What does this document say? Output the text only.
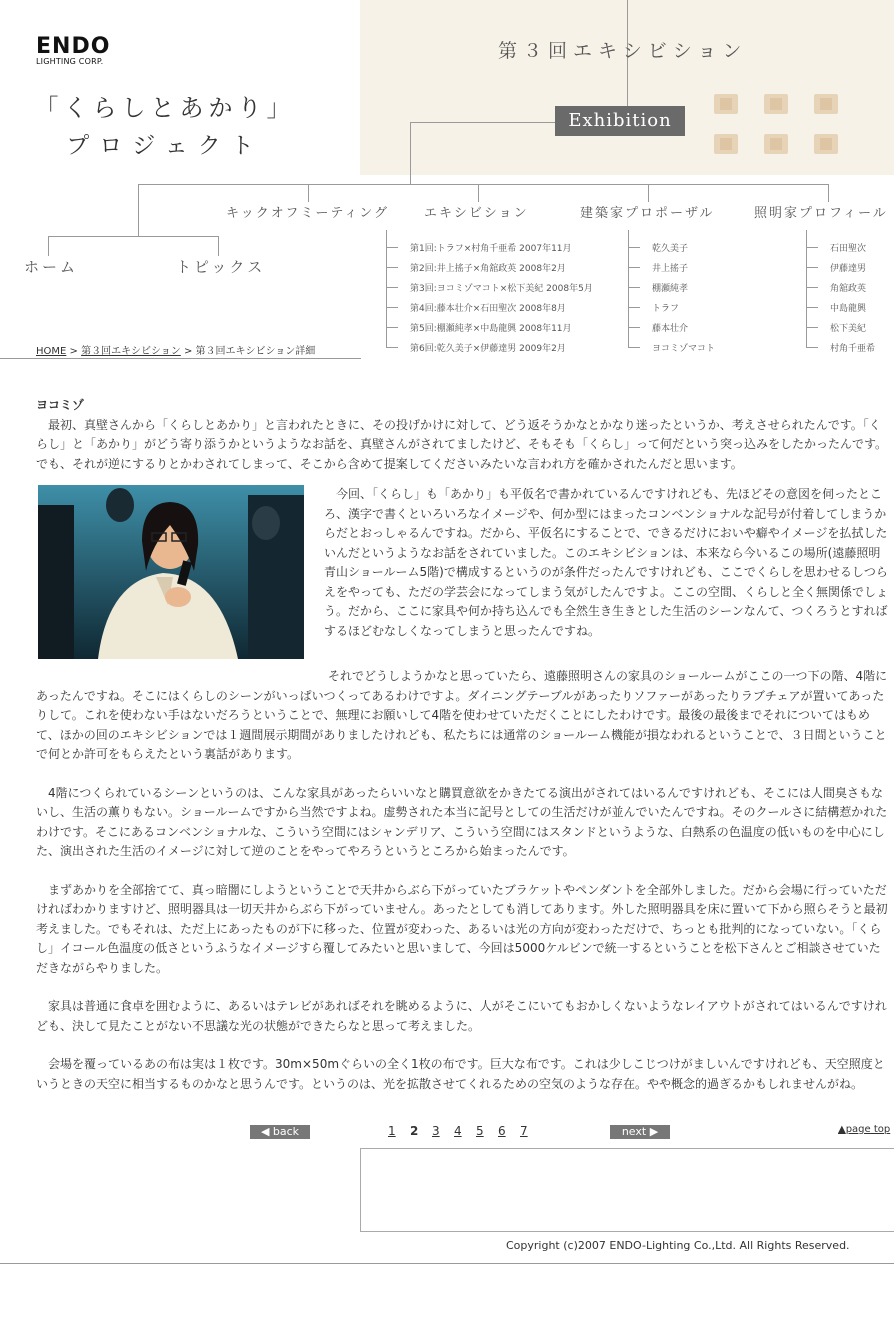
ENDO
LIGHTING CORP.
「くらしとあかり」
プロジェクト
第３回エキシビション
Exhibition
ホーム	トピックス
キックオフミーティング	エキシビション	建築家プロポーザル	照明家プロフィール
第1回:トラフ×村角千亜希 2007年11月
第2回:井上搖子×角舘政英 2008年2月
第3回:ヨコミゾマコト×松下美紀 2008年5月
第4回:藤本壮介×石田聖次 2008年8月
第5回:棚瀬純孝×中島龍興 2008年11月
第6回:乾久美子×伊藤達男 2009年2月
乾久美子
井上搖子
棚瀬純孝
トラフ
藤本壮介
ヨコミゾマコト
石田聖次
伊藤達男
角舘政英
中島龍興
松下美紀
村角千亜希
HOME > 第３回エキシビション > 第３回エキシビション詳細
ヨコミゾ

　最初、真壁さんから「くらしとあかり」と言われたときに、その投げかけに対して、どう返そうかなとかなり迷ったというか、考えさせられたんです。「くらし」と「あかり」がどう寄り添うかというようなお話を、真壁さんがされてましたけど、そもそも「くらし」って何だという突っ込みをしたかったんです。でも、それが逆にするりとかわされてしまって、そこから含めて提案してくださいみたいな言われ方を確かされたんだと思います。

　今回、「くらし」も「あかり」も平仮名で書かれているんですけれども、先ほどその意図を伺ったところ、漢字で書くといろいろなイメージや、何か型にはまったコンベンショナルな記号が付着してしまうからだとおっしゃるんですね。だから、平仮名にすることで、できるだけにおいや癖やイメージを払拭したいんだというようなお話をされていました。このエキシビションは、本来なら今いるこの場所(遠藤照明青山ショールーム5階)で構成するというのが条件だったんですけれども、ここでくらしを思わせるしつらえをやっても、ただの学芸会になってしまう気がしたんですよ。ここの空間、くらしと全く無関係でしょう。だから、ここに家具や何か持ち込んでも全然生き生きとした生活のシーンなんて、つくろうとすればするほどむなしくなってしまうと思ったんですね。

　それでどうしようかなと思っていたら、遠藤照明さんの家具のショールームがここの一つ下の階、4階にあったんですね。そこにはくらしのシーンがいっぱいつくってあるわけですよ。ダイニングテーブルがあったりソファーがあったりラブチェアが置いてあったりして。これを使わない手はないだろうということで、無理にお願いして4階を使わせていただくことにしたわけです。最後の最後までそれについてはもめて、ほかの回のエキシビションでは１週間展示期間がありましたけれども、私たちには通常のショールーム機能が損なわれるということで、３日間ということで何とか許可をもらえたという裏話があります。

　4階につくられているシーンというのは、こんな家具があったらいいなと購買意欲をかきたてる演出がされてはいるんですけれども、そこには人間臭さもないし、生活の薫りもない。ショールームですから当然ですよね。虚勢された本当に記号としての生活だけが並んでいたんですね。そのクールさに結構惹かれたわけです。そこにあるコンベンショナルな、こういう空間にはシャンデリア、こういう空間にはスタンドというような、白熱系の色温度の低いものを中心にした、演出された生活のイメージに対して逆のことをやってやろうというところから始まったんです。

　まずあかりを全部捨てて、真っ暗闇にしようということで天井からぶら下がっていたブラケットやペンダントを全部外しました。だから会場に行っていただければわかりますけど、照明器具は一切天井からぶら下がっていません。あったとしても消してあります。外した照明器具を床に置いて下から照らそうと最初考えました。でもそれは、ただ上にあったものが下に移った、位置が変わった、あるいは光の方向が変わっただけで、ちっとも批判的になっていない。「くらし」イコール色温度の低さというふうなイメージすら覆してみたいと思いまして、今回は5000ケルビンで統一するということを松下さんとご相談させていただきながらやりました。

　家具は普通に食卓を囲むように、あるいはテレビがあればそれを眺めるように、人がそこにいてもおかしくないようなレイアウトがされてはいるんですけれども、決して見たことがない不思議な光の状態ができたらなと思って考えました。

　会場を覆っているあの布は実は１枚です。30m×50mぐらいの全く1枚の布です。巨大な布です。これは少しこじつけがましいんですけれども、天空照度というときの天空に相当するものかなと思うんです。というのは、光を拡散させてくれるための空気のような存在。やや概念的過ぎるかもしれませんがね。

◀ back	1 2 3 4 5 6 7	next ▶	▲page top
Copyright (c)2007 ENDO-Lighting Co.,Ltd. All Rights Reserved.
